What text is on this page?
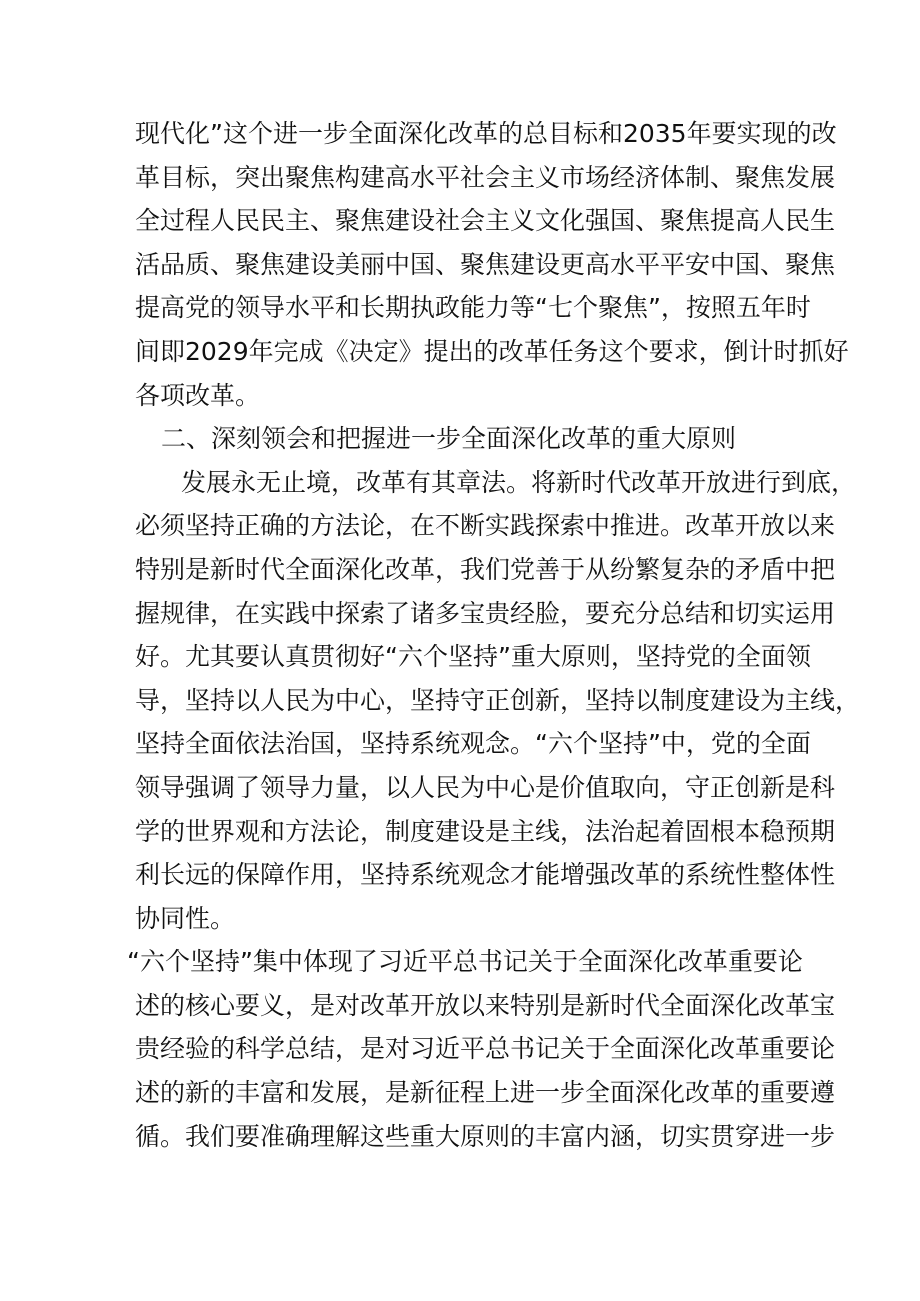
现代化”这个进一步全面深化改革的总目标和2035年要实现的改
革目标，突出聚焦构建高水平社会主义市场经济体制、聚焦发展
全过程人民民主、聚焦建设社会主义文化强国、聚焦提高人民生
活品质、聚焦建设美丽中国、聚焦建设更高水平平安中国、聚焦
提高党的领导水平和长期执政能力等“七个聚焦”，按照五年时
间即2029年完成《决定》提出的改革任务这个要求，倒计时抓好
各项改革。
二、深刻领会和把握进一步全面深化改革的重大原则
发展永无止境，改革有其章法。将新时代改革开放进行到底，
必须坚持正确的方法论，在不断实践探索中推进。改革开放以来
特别是新时代全面深化改革，我们党善于从纷繁复杂的矛盾中把
握规律，在实践中探索了诸多宝贵经脸，要充分总结和切实运用
好。尤其要认真贯彻好“六个坚持”重大原则，坚持党的全面领
导，坚持以人民为中心，坚持守正创新，坚持以制度建设为主线，
坚持全面依法治国，坚持系统观念。“六个坚持”中，党的全面
领导强调了领导力量，以人民为中心是价值取向，守正创新是科
学的世界观和方法论，制度建设是主线，法治起着固根本稳预期
利长远的保障作用，坚持系统观念才能增强改革的系统性整体性
协同性。
“六个坚持”集中体现了习近平总书记关于全面深化改革重要论
述的核心要义，是对改革开放以来特别是新时代全面深化改革宝
贵经验的科学总结，是对习近平总书记关于全面深化改革重要论
述的新的丰富和发展，是新征程上进一步全面深化改革的重要遵
循。我们要准确理解这些重大原则的丰富内涵，切实贯穿进一步
